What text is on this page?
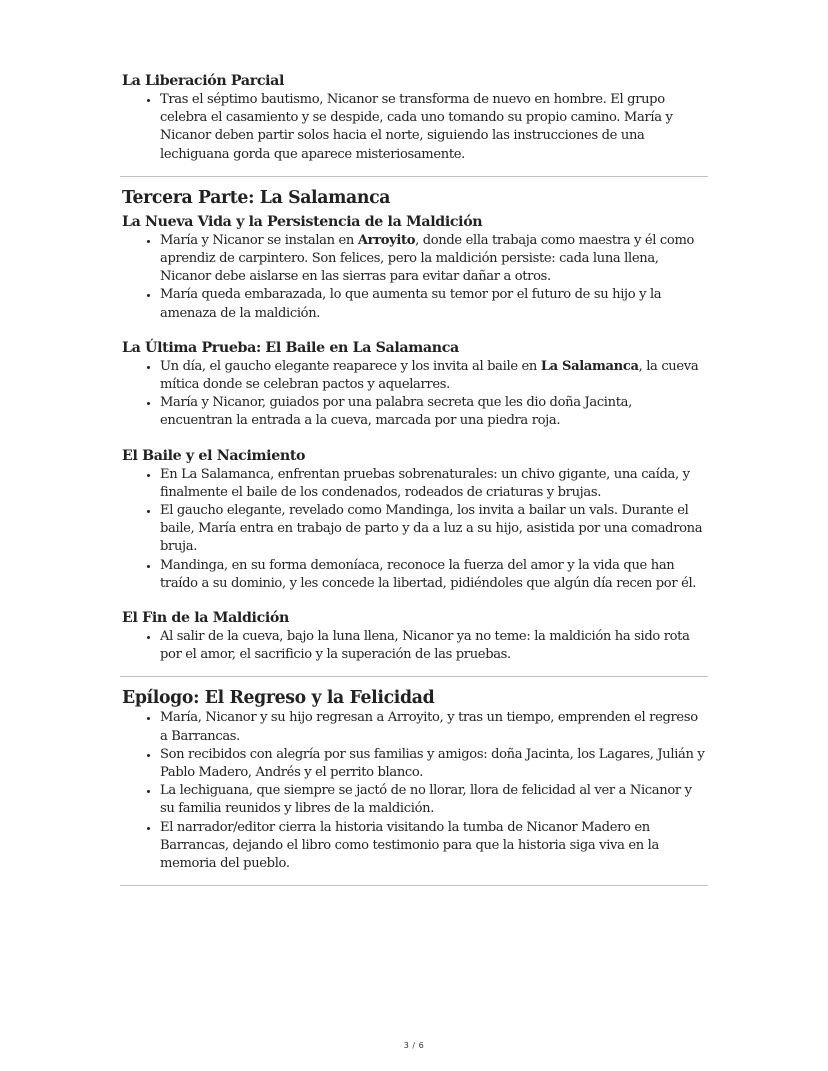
La Liberación Parcial
• Tras el séptimo bautismo, Nicanor se transforma de nuevo en hombre. El grupo celebra el casamiento y se despide, cada uno tomando su propio camino. María y Nicanor deben partir solos hacia el norte, siguiendo las instrucciones de una lechiguana gorda que aparece misteriosamente.
Tercera Parte: La Salamanca
La Nueva Vida y la Persistencia de la Maldición
• María y Nicanor se instalan en Arroyito, donde ella trabaja como maestra y él como aprendiz de carpintero. Son felices, pero la maldición persiste: cada luna llena, Nicanor debe aislarse en las sierras para evitar dañar a otros.
• María queda embarazada, lo que aumenta su temor por el futuro de su hijo y la amenaza de la maldición.
La Última Prueba: El Baile en La Salamanca
• Un día, el gaucho elegante reaparece y los invita al baile en La Salamanca, la cueva mítica donde se celebran pactos y aquelarres.
• María y Nicanor, guiados por una palabra secreta que les dio doña Jacinta, encuentran la entrada a la cueva, marcada por una piedra roja.
El Baile y el Nacimiento
• En La Salamanca, enfrentan pruebas sobrenaturales: un chivo gigante, una caída, y finalmente el baile de los condenados, rodeados de criaturas y brujas.
• El gaucho elegante, revelado como Mandinga, los invita a bailar un vals. Durante el baile, María entra en trabajo de parto y da a luz a su hijo, asistida por una comadrona bruja.
• Mandinga, en su forma demoníaca, reconoce la fuerza del amor y la vida que han traído a su dominio, y les concede la libertad, pidiéndoles que algún día recen por él.
El Fin de la Maldición
• Al salir de la cueva, bajo la luna llena, Nicanor ya no teme: la maldición ha sido rota por el amor, el sacrificio y la superación de las pruebas.
Epílogo: El Regreso y la Felicidad
• María, Nicanor y su hijo regresan a Arroyito, y tras un tiempo, emprenden el regreso a Barrancas.
• Son recibidos con alegría por sus familias y amigos: doña Jacinta, los Lagares, Julián y Pablo Madero, Andrés y el perrito blanco.
• La lechiguana, que siempre se jactó de no llorar, llora de felicidad al ver a Nicanor y su familia reunidos y libres de la maldición.
• El narrador/editor cierra la historia visitando la tumba de Nicanor Madero en Barrancas, dejando el libro como testimonio para que la historia siga viva en la memoria del pueblo.
3 / 6
